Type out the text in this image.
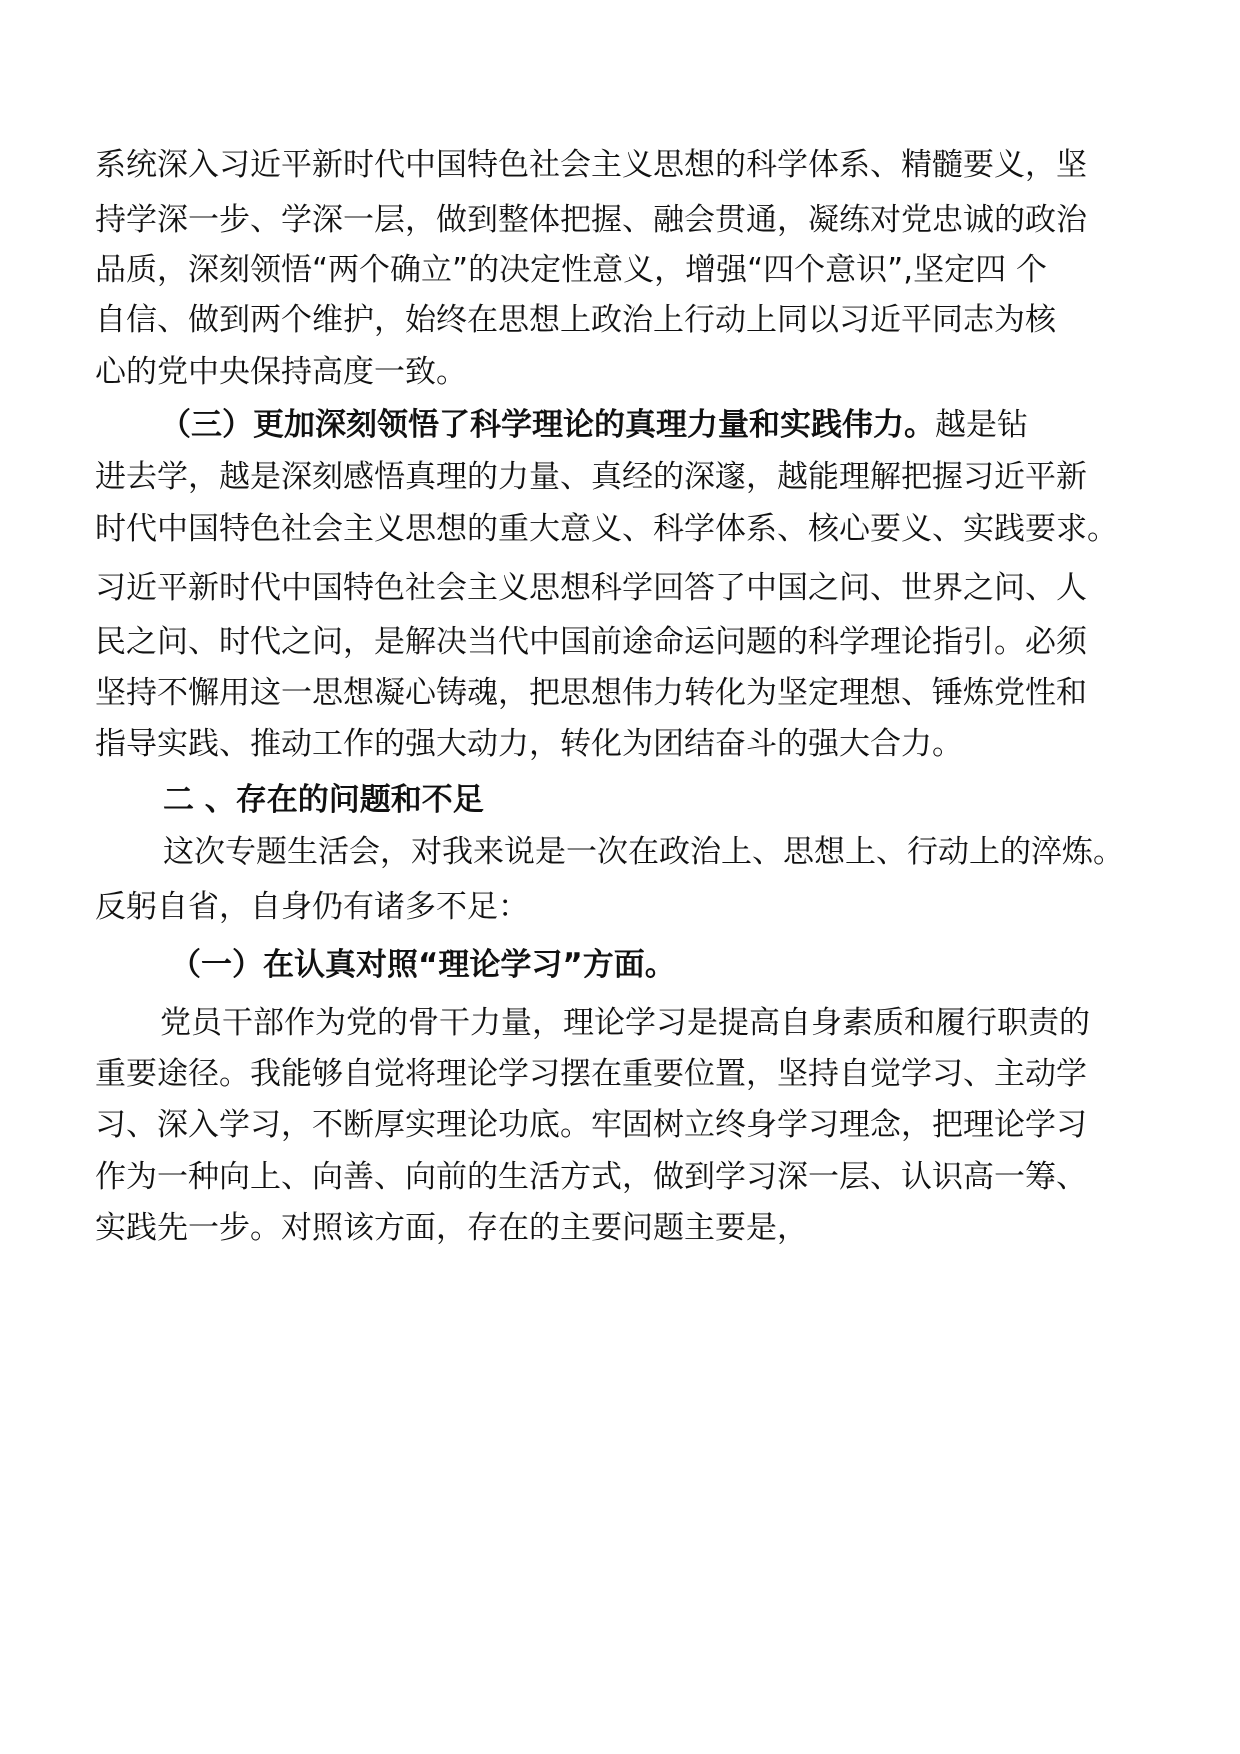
系统深入习近平新时代中国特色社会主义思想的科学体系、精髓要义，坚
持学深一步、学深一层，做到整体把握、融会贯通，凝练对党忠诚的政治
品质，深刻领悟“两个确立”的决定性意义，增强“四个意识”,坚定四 个
自信、做到两个维护，始终在思想上政治上行动上同以习近平同志为核
心的党中央保持高度一致。
（三）更加深刻领悟了科学理论的真理力量和实践伟力。越是钻
进去学，越是深刻感悟真理的力量、真经的深邃，越能理解把握习近平新
时代中国特色社会主义思想的重大意义、科学体系、核心要义、实践要求。
习近平新时代中国特色社会主义思想科学回答了中国之问、世界之问、人
民之问、时代之问，是解决当代中国前途命运问题的科学理论指引。必须
坚持不懈用这一思想凝心铸魂，把思想伟力转化为坚定理想、锤炼党性和
指导实践、推动工作的强大动力，转化为团结奋斗的强大合力。
二 、存在的问题和不足
这次专题生活会，对我来说是一次在政治上、思想上、行动上的淬炼。
反躬自省，自身仍有诸多不足：
（一）在认真对照“理论学习”方面。
党员干部作为党的骨干力量，理论学习是提高自身素质和履行职责的
重要途径。我能够自觉将理论学习摆在重要位置，坚持自觉学习、主动学
习、深入学习，不断厚实理论功底。牢固树立终身学习理念，把理论学习
作为一种向上、向善、向前的生活方式，做到学习深一层、认识高一筹、
实践先一步。对照该方面，存在的主要问题主要是，
